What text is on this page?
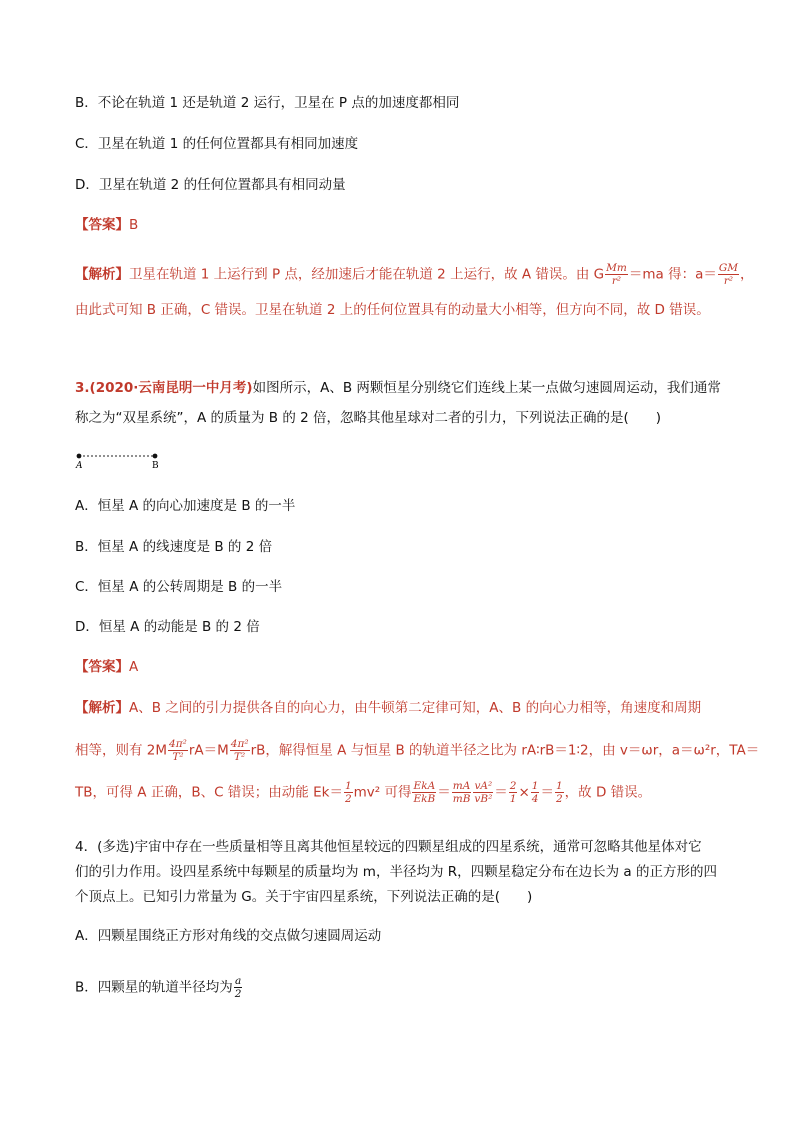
B．不论在轨道 1 还是轨道 2 运行，卫星在 P 点的加速度都相同
C．卫星在轨道 1 的任何位置都具有相同加速度
D．卫星在轨道 2 的任何位置都具有相同动量
【答案】B
【解析】卫星在轨道 1 上运行到 P 点，经加速后才能在轨道 2 上运行，故 A 错误。由 G $\frac{Mm}{\text{r²}} =ma$ 得：$a= \frac{GM}{\text{r²}}$ ，
由此式可知 B 正确，C 错误。卫星在轨道 2 上的任何位置具有的动量大小相等，但方向不同，故 D 错误。
3.(2020·云南昆明一中月考)如图所示，A、B 两颗恒星分别绕它们连线上某一点做匀速圆周运动，我们通常
称之为“双星系统”，A 的质量为 B 的 2 倍，忽略其他星球对二者的引力，下列说法正确的是(　　)
A	B
A．恒星 A 的向心加速度是 B 的一半
B．恒星 A 的线速度是 B 的 2 倍
C．恒星 A 的公转周期是 B 的一半
D．恒星 A 的动能是 B 的 2 倍
【答案】A
【解析】A、B 之间的引力提供各自的向心力，由牛顿第二定律可知，A、B 的向心力相等，角速度和周期
相等，则有 $2M \frac{\text{4π²}}{\text{T²}} rA=M \frac{\text{4π²}}{\text{T²}}$ rB，解得恒星 A 与恒星 B 的轨道半径之比为 rA∶rB＝1∶2，由 v＝ωr，a＝ω²r，TA＝
TB，可得 A 正确，B、C 错误；由动能 $Ek= \frac{1}{2} mv^2$ 可得 $\frac{\text{EkA}}{\text{EkB}} = \frac{mA}{mB} \frac{\text{vA²}}{\text{vB²}} = \frac{2}{1} \times \frac{1}{4} = \frac{1}{2}$ ，故 D 错误。
4．(多选)宇宙中存在一些质量相等且离其他恒星较远的四颗星组成的四星系统，通常可忽略其他星体对它
们的引力作用。设四星系统中每颗星的质量均为 m，半径均为 R，四颗星稳定分布在边长为 a 的正方形的四
个顶点上。已知引力常量为 G。关于宇宙四星系统，下列说法正确的是(　　)
A．四颗星围绕正方形对角线的交点做匀速圆周运动
B．四颗星的轨道半径均为 $\frac{a}{2}$
